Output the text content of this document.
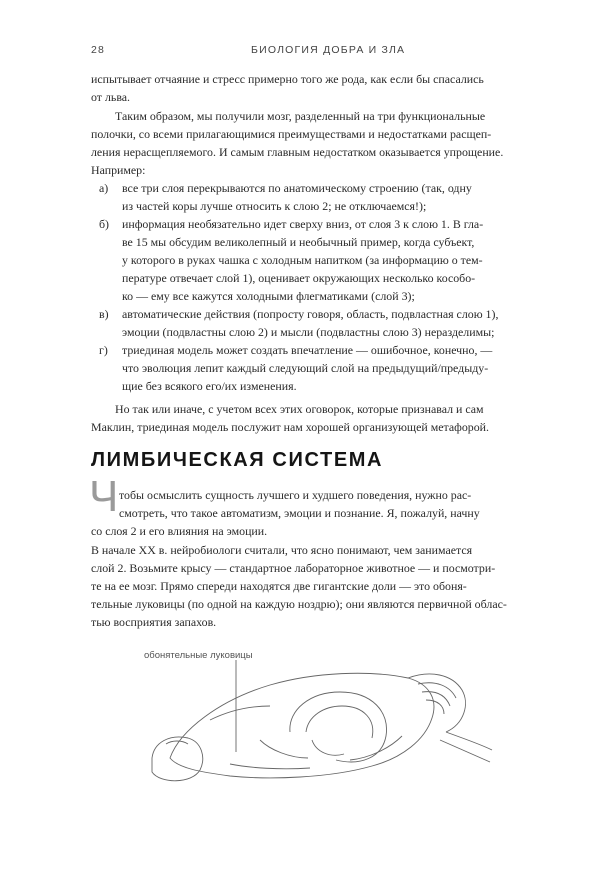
28	БИОЛОГИЯ ДОБРА И ЗЛА
испытывает отчаяние и стресс примерно того же рода, как если бы спасались
от льва.
Таким образом, мы получили мозг, разделенный на три функциональные
полочки, со всеми прилагающимися преимуществами и недостатками расщеп-
ления нерасщепляемого. И самым главным недостатком оказывается упрощение.
Например:
а) все три слоя перекрываются по анатомическому строению (так, одну
из частей коры лучше относить к слою 2; не отключаемся!);
б) информация необязательно идет сверху вниз, от слоя 3 к слою 1. В гла-
ве 15 мы обсудим великолепный и необычный пример, когда субъект,
у которого в руках чашка с холодным напитком (за информацию о тем-
пературе отвечает слой 1), оценивает окружающих несколько кособо-
ко — ему все кажутся холодными флегматиками (слой 3);
в) автоматические действия (попросту говоря, область, подвластная слою 1),
эмоции (подвластны слою 2) и мысли (подвластны слою 3) неразделимы;
г) триединая модель может создать впечатление — ошибочное, конечно, —
что эволюция лепит каждый следующий слой на предыдущий/предыду-
щие без всякого его/их изменения.
Но так или иначе, с учетом всех этих оговорок, которые признавал и сам
Маклин, триединая модель послужит нам хорошей организующей метафорой.
ЛИМБИЧЕСКАЯ СИСТЕМА
Ч тобы осмыслить сущность лучшего и худшего поведения, нужно рас-
смотреть, что такое автоматизм, эмоции и познание. Я, пожалуй, начну
со слоя 2 и его влияния на эмоции.
В начале XX в. нейробиологи считали, что ясно понимают, чем занимается
слой 2. Возьмите крысу — стандартное лабораторное животное — и посмотри-
те на ее мозг. Прямо спереди находятся две гигантские доли — это обоня-
тельные луковицы (по одной на каждую ноздрю); они являются первичной облас-
тью восприятия запахов.
обонятельные луковицы
